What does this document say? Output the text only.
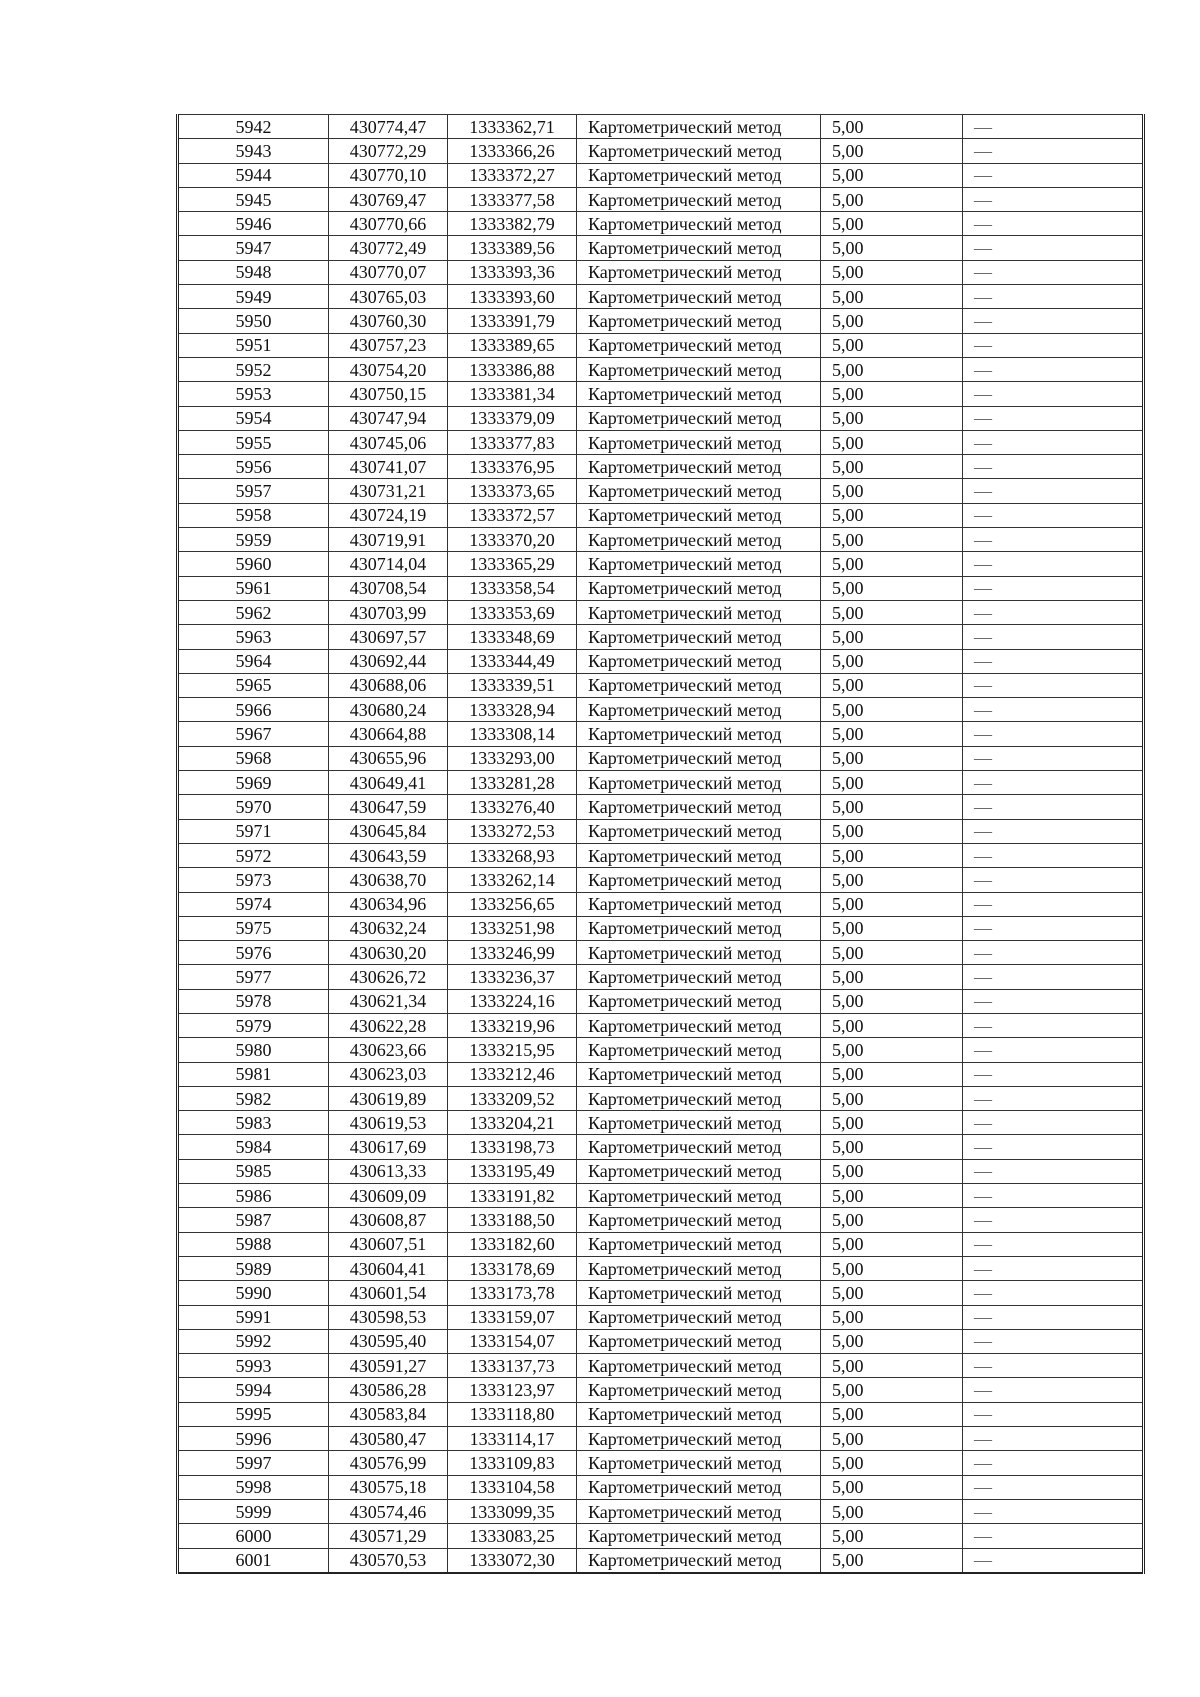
5942	430774,47	1333362,71	Картометрический метод	5,00	—
5943	430772,29	1333366,26	Картометрический метод	5,00	—
5944	430770,10	1333372,27	Картометрический метод	5,00	—
5945	430769,47	1333377,58	Картометрический метод	5,00	—
5946	430770,66	1333382,79	Картометрический метод	5,00	—
5947	430772,49	1333389,56	Картометрический метод	5,00	—
5948	430770,07	1333393,36	Картометрический метод	5,00	—
5949	430765,03	1333393,60	Картометрический метод	5,00	—
5950	430760,30	1333391,79	Картометрический метод	5,00	—
5951	430757,23	1333389,65	Картометрический метод	5,00	—
5952	430754,20	1333386,88	Картометрический метод	5,00	—
5953	430750,15	1333381,34	Картометрический метод	5,00	—
5954	430747,94	1333379,09	Картометрический метод	5,00	—
5955	430745,06	1333377,83	Картометрический метод	5,00	—
5956	430741,07	1333376,95	Картометрический метод	5,00	—
5957	430731,21	1333373,65	Картометрический метод	5,00	—
5958	430724,19	1333372,57	Картометрический метод	5,00	—
5959	430719,91	1333370,20	Картометрический метод	5,00	—
5960	430714,04	1333365,29	Картометрический метод	5,00	—
5961	430708,54	1333358,54	Картометрический метод	5,00	—
5962	430703,99	1333353,69	Картометрический метод	5,00	—
5963	430697,57	1333348,69	Картометрический метод	5,00	—
5964	430692,44	1333344,49	Картометрический метод	5,00	—
5965	430688,06	1333339,51	Картометрический метод	5,00	—
5966	430680,24	1333328,94	Картометрический метод	5,00	—
5967	430664,88	1333308,14	Картометрический метод	5,00	—
5968	430655,96	1333293,00	Картометрический метод	5,00	—
5969	430649,41	1333281,28	Картометрический метод	5,00	—
5970	430647,59	1333276,40	Картометрический метод	5,00	—
5971	430645,84	1333272,53	Картометрический метод	5,00	—
5972	430643,59	1333268,93	Картометрический метод	5,00	—
5973	430638,70	1333262,14	Картометрический метод	5,00	—
5974	430634,96	1333256,65	Картометрический метод	5,00	—
5975	430632,24	1333251,98	Картометрический метод	5,00	—
5976	430630,20	1333246,99	Картометрический метод	5,00	—
5977	430626,72	1333236,37	Картометрический метод	5,00	—
5978	430621,34	1333224,16	Картометрический метод	5,00	—
5979	430622,28	1333219,96	Картометрический метод	5,00	—
5980	430623,66	1333215,95	Картометрический метод	5,00	—
5981	430623,03	1333212,46	Картометрический метод	5,00	—
5982	430619,89	1333209,52	Картометрический метод	5,00	—
5983	430619,53	1333204,21	Картометрический метод	5,00	—
5984	430617,69	1333198,73	Картометрический метод	5,00	—
5985	430613,33	1333195,49	Картометрический метод	5,00	—
5986	430609,09	1333191,82	Картометрический метод	5,00	—
5987	430608,87	1333188,50	Картометрический метод	5,00	—
5988	430607,51	1333182,60	Картометрический метод	5,00	—
5989	430604,41	1333178,69	Картометрический метод	5,00	—
5990	430601,54	1333173,78	Картометрический метод	5,00	—
5991	430598,53	1333159,07	Картометрический метод	5,00	—
5992	430595,40	1333154,07	Картометрический метод	5,00	—
5993	430591,27	1333137,73	Картометрический метод	5,00	—
5994	430586,28	1333123,97	Картометрический метод	5,00	—
5995	430583,84	1333118,80	Картометрический метод	5,00	—
5996	430580,47	1333114,17	Картометрический метод	5,00	—
5997	430576,99	1333109,83	Картометрический метод	5,00	—
5998	430575,18	1333104,58	Картометрический метод	5,00	—
5999	430574,46	1333099,35	Картометрический метод	5,00	—
6000	430571,29	1333083,25	Картометрический метод	5,00	—
6001	430570,53	1333072,30	Картометрический метод	5,00	—
